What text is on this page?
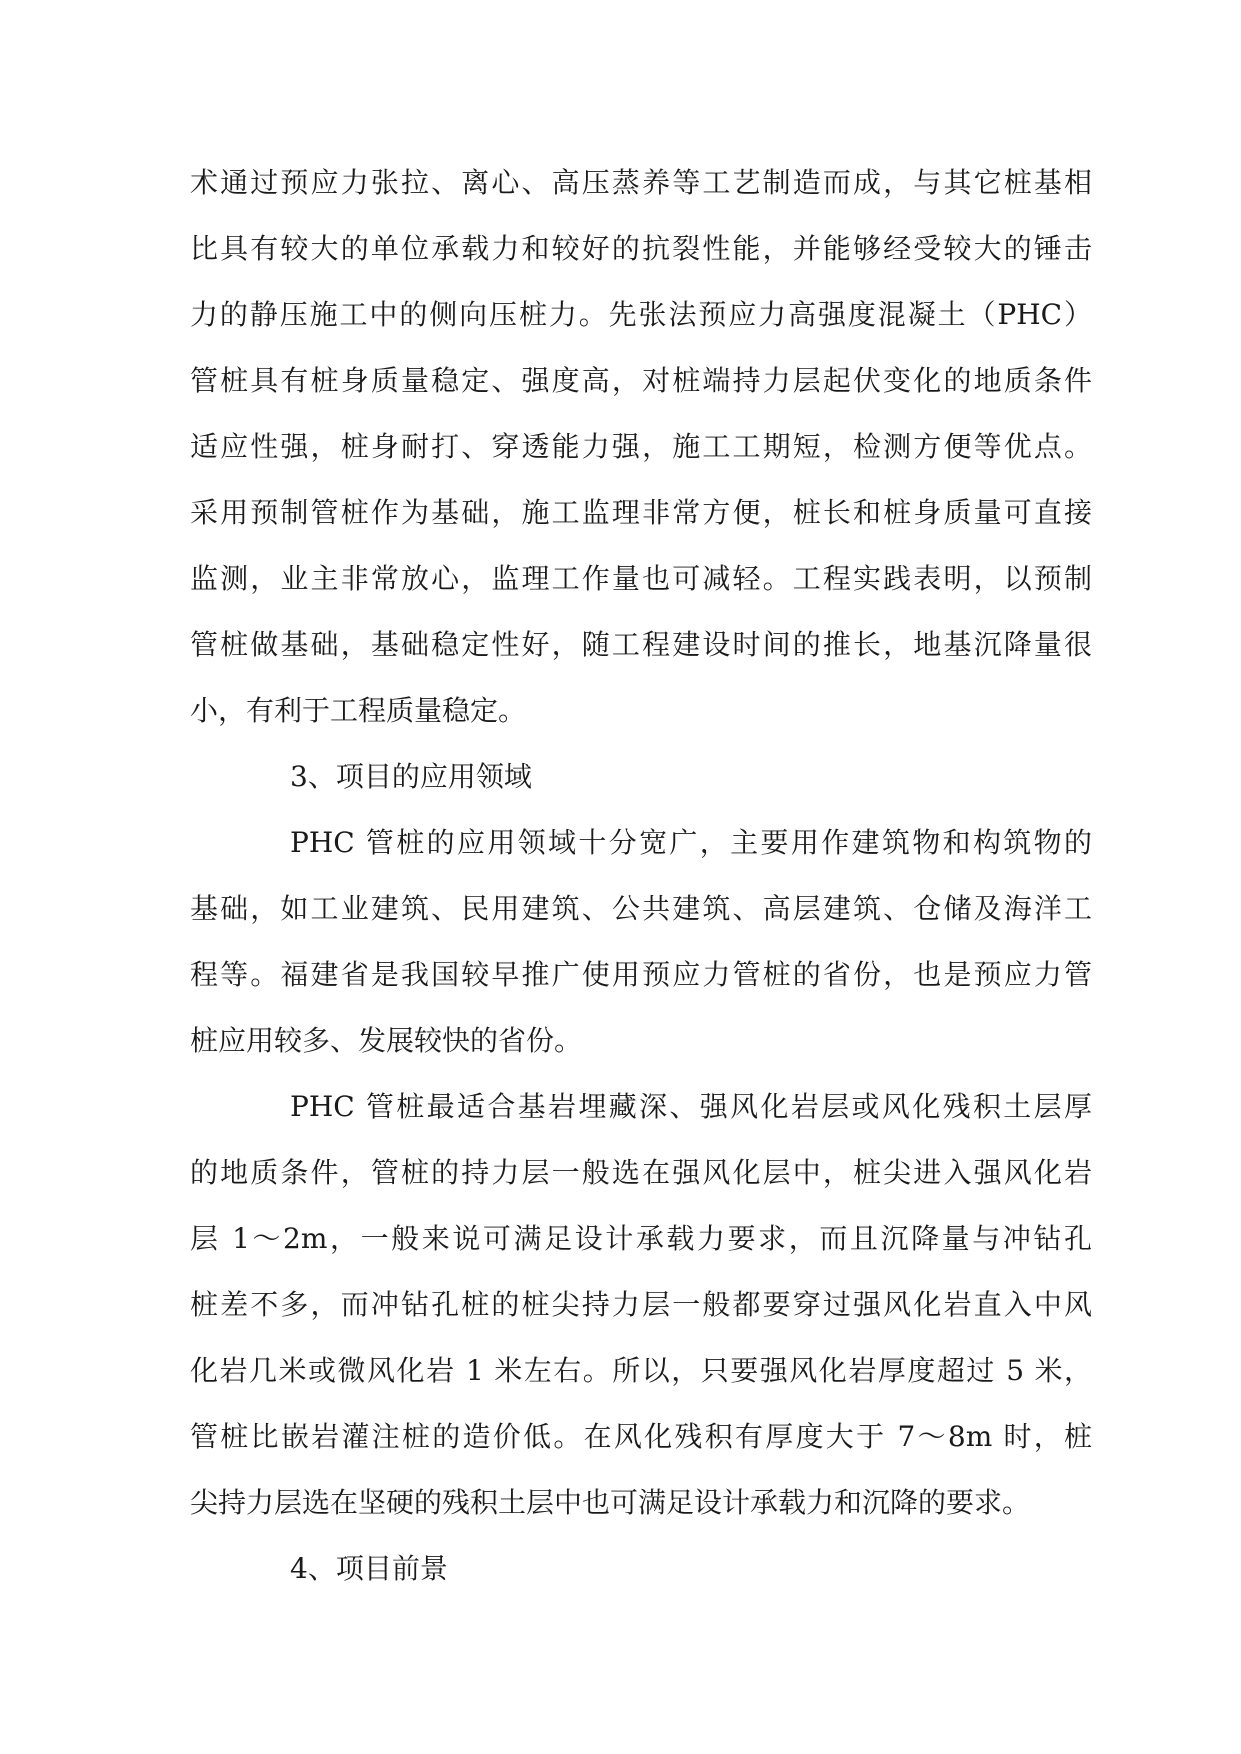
术通过预应力张拉、离心、高压蒸养等工艺制造而成，与其它桩基相
比具有较大的单位承载力和较好的抗裂性能，并能够经受较大的锤击
力的静压施工中的侧向压桩力。先张法预应力高强度混凝土（PHC）
管桩具有桩身质量稳定、强度高，对桩端持力层起伏变化的地质条件
适应性强，桩身耐打、穿透能力强，施工工期短，检测方便等优点。
采用预制管桩作为基础，施工监理非常方便，桩长和桩身质量可直接
监测，业主非常放心，监理工作量也可减轻。工程实践表明，以预制
管桩做基础，基础稳定性好，随工程建设时间的推长，地基沉降量很
小，有利于工程质量稳定。
3、项目的应用领域
PHC 管桩的应用领域十分宽广，主要用作建筑物和构筑物的
基础，如工业建筑、民用建筑、公共建筑、高层建筑、仓储及海洋工
程等。福建省是我国较早推广使用预应力管桩的省份，也是预应力管
桩应用较多、发展较快的省份。
PHC 管桩最适合基岩埋藏深、强风化岩层或风化残积土层厚
的地质条件，管桩的持力层一般选在强风化层中，桩尖进入强风化岩
层 1～2m，一般来说可满足设计承载力要求，而且沉降量与冲钻孔
桩差不多，而冲钻孔桩的桩尖持力层一般都要穿过强风化岩直入中风
化岩几米或微风化岩 1 米左右。所以，只要强风化岩厚度超过 5 米，
管桩比嵌岩灌注桩的造价低。在风化残积有厚度大于 7～8m 时，桩
尖持力层选在坚硬的残积土层中也可满足设计承载力和沉降的要求。
4、项目前景
